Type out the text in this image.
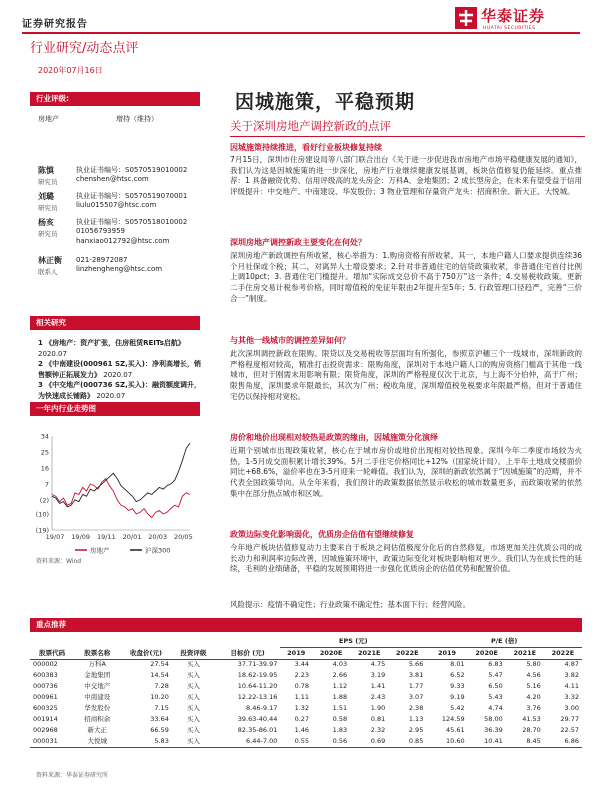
证券研究报告	华泰证券
HUATAI SECURITIES
行业研究/动态点评
2020年07月16日
行业评级:
房地产	增持（维持）
陈慎
研究员
执业证书编号：S0570519010002
chenshen@htsc.com
刘璐
研究员
执业证书编号：S0570519070001
liulu015507@htsc.com
杨亥
研究员
执业证书编号：S0570518010002
01056793959
hanxiao012792@htsc.com
林正衡
联系人
021-28972087
linzhengheng@htsc.com
相关研究
1 《房地产：资产扩张，住房租赁REITs启航》 2020.07
2 《中南建设(000961 SZ,买入)：净利高增长，销售额钟正拓展发力》 2020.07
3 《中交地产(000736 SZ,买入)：融资额度调升，为快速成长铺路》 2020.07
一年内行业走势图
(19)
(10)
(2)
7
16
25
34
19/07 19/09 19/11 20/01 20/03 20/05
房地产	沪深300
资料来源：Wind
因城施策，平稳预期
关于深圳房地产调控新政的点评
因城施策持续推进，看好行业板块修复持续
7月15日，深圳市住房建设局等八部门联合出台《关于进一步促进我市房地产市场平稳健康发展的通知》，我们认为这是因城施策的进一步深化，房地产行业继续健康发展基调，板块估值修复仍能延续。重点推荐：1 具备融资优势、信用评级高的龙头房企：万科A、金地集团；2 成长型房企，在未来有望受益于信用评级提升：中交地产、中南建设、华发股份；3 物业管理和存量资产龙头：招商积余、新大正、大悦城。
深圳房地产调控新政主要变化在何处？
深圳房地产新政调控有所收紧，核心举措为：1.购房资格有所收紧。其一，本地户籍人口要求提供连续36个月社保或个税；其二，对离异人士增设要求；2.针对非普通住宅的信贷政策收紧，非普通住宅首付比例上调10pct；3. 普通住宅门槛提升。增加“实际成交总价不高于750万”这一条件；4.交易税收政策。更新二手住房交易计税参考价格，同时增值税的免征年限由2年提升至5年；5. 行政管理口径趋严，完善“三价合一”制度。
与其他一线城市的调控差异如何？
此次深圳调控新政在限购、限贷以及交易税收等层面均有所强化，参照京沪穗三个一线城市，深圳新政的严格程度相对较高，精准打击投资需求：限购角度，深圳对于本地户籍人口的购房资格门槛高于其他一线城市，但对于刚需未用影响有限；限贷角度，深圳的严格程度仅次于北京，与上海不分伯仲，高于广州；限售角度，深圳要求年限最长，其次为广州；税收角度，深圳增值税免税要求年限最严格，但对于普通住宅仍以保持相对宽松。
房价和地价出现相对较热是政策的缘由，因城施策分化演绎
近期个别城市出现政策收紧，核心在于城市房价或地价出现相对较热现象。深圳今年二季度市场较为火热，1-5月成交面积累计增长39%。5月二手住宅价格同比+12%（国家统计局）。上半年土地成交楼面价同比+68.6%，溢价率也在3-5月迎来一轮峰值。我们认为，深圳的新政依然属于“因城施策”的范畴，并不代表全国政策导向。从全年来看，我们预计的政策数据依然显示收松的城市数量更多，而政策收紧的依然集中在部分热点城市和区域。
政策边际变化影响弱化，优质房企估值有望继续修复
今年地产板块估值修复动力主要来自于板块之间估值极度分化后的自然修复，市场更加关注优质公司的成长动力和利润率边际改善，因城施策环境中，政策边际变化对板块影响相对更少。我们认为在成长性的延续，毛利的业绩储备，平稳的发展预期将进一步强化优质房企的估值优势和配置价值。
风险提示：疫情不确定性；行业政策不确定性；基本面下行；经营风险。
重点推荐
					EPS (元)				P/E (倍)			
股票代码	股票名称	收盘价(元)	投资评级	目标价 (元)	2019	2020E	2021E	2022E	2019	2020E	2021E	2022E
000002	万科A	27.54	买入	37.71-39.97	3.44	4.03	4.75	5.66	8.01	6.83	5.80	4.87
600383	金地集团	14.54	买入	18.62-19.95	2.23	2.66	3.19	3.81	6.52	5.47	4.56	3.82
000736	中交地产	7.28	买入	10.64-11.20	0.78	1.12	1.41	1.77	9.33	6.50	5.16	4.11
000961	中南建设	10.20	买入	12.22-13.16	1.11	1.88	2.43	3.07	9.19	5.43	4.20	3.32
600325	华发股份	7.15	买入	8.46-9.17	1.32	1.51	1.90	2.38	5.42	4.74	3.76	3.00
001914	招商积余	33.64	买入	39.63-40.44	0.27	0.58	0.81	1.13	124.59	58.00	41.53	29.77
002968	新大正	66.59	买入	82.35-86.01	1.46	1.83	2.32	2.95	45.61	36.39	28.70	22.57
000031	大悦城	5.83	买入	6.44-7.00	0.55	0.56	0.69	0.85	10.60	10.41	8.45	6.86
资料来源：华泰证券研究所
